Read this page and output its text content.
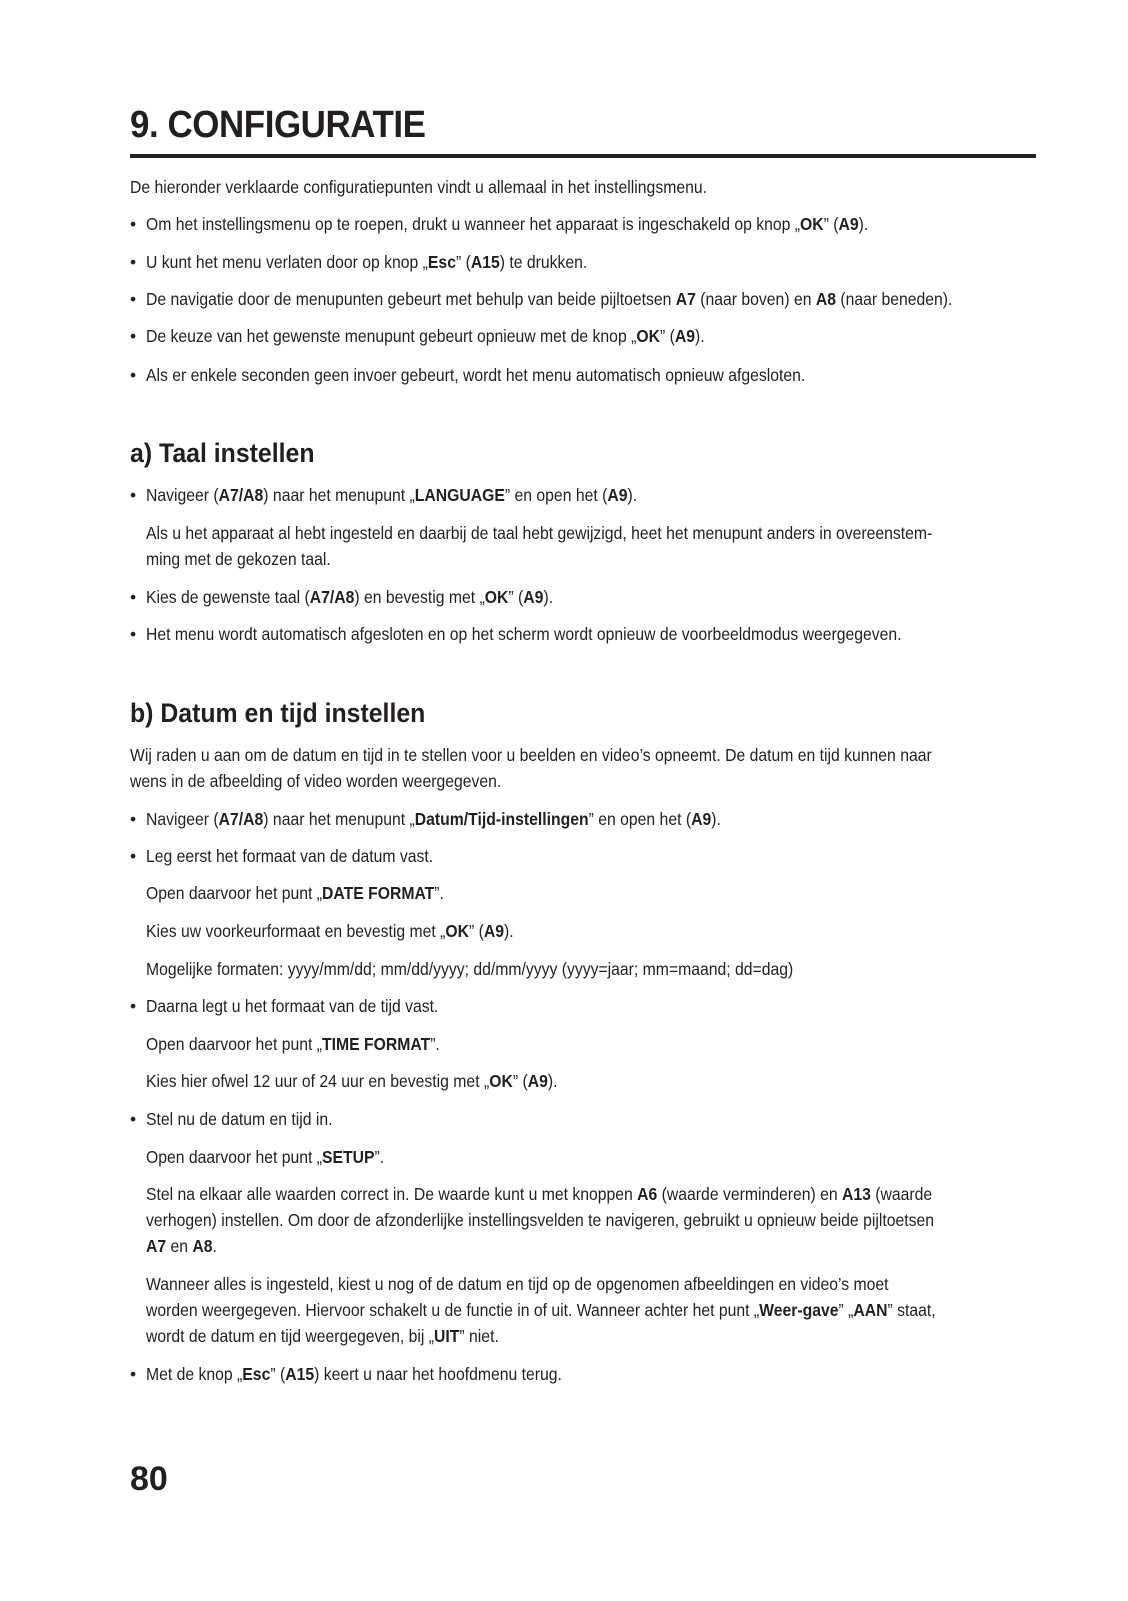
9. CONFIGURATIE

De hieronder verklaarde configuratiepunten vindt u allemaal in het instellingsmenu.

• Om het instellingsmenu op te roepen, drukt u wanneer het apparaat is ingeschakeld op knop „OK” (A9).

• U kunt het menu verlaten door op knop „Esc” (A15) te drukken.

• De navigatie door de menupunten gebeurt met behulp van beide pijltoetsen A7 (naar boven) en A8 (naar beneden).

• De keuze van het gewenste menupunt gebeurt opnieuw met de knop „OK” (A9).

• Als er enkele seconden geen invoer gebeurt, wordt het menu automatisch opnieuw afgesloten.

a) Taal instellen

• Navigeer (A7/A8) naar het menupunt „LANGUAGE” en open het (A9).

Als u het apparaat al hebt ingesteld en daarbij de taal hebt gewijzigd, heet het menupunt anders in overeenstem-

ming met de gekozen taal.

• Kies de gewenste taal (A7/A8) en bevestig met „OK” (A9).

• Het menu wordt automatisch afgesloten en op het scherm wordt opnieuw de voorbeeldmodus weergegeven.

b) Datum en tijd instellen

Wij raden u aan om de datum en tijd in te stellen voor u beelden en video’s opneemt. De datum en tijd kunnen naar

wens in de afbeelding of video worden weergegeven.

• Navigeer (A7/A8) naar het menupunt „Datum/Tijd-instellingen” en open het (A9).

• Leg eerst het formaat van de datum vast.

Open daarvoor het punt „DATE FORMAT”.

Kies uw voorkeurformaat en bevestig met „OK” (A9).

Mogelijke formaten: yyyy/mm/dd; mm/dd/yyyy; dd/mm/yyyy (yyyy=jaar; mm=maand; dd=dag)

• Daarna legt u het formaat van de tijd vast.

Open daarvoor het punt „TIME FORMAT”.

Kies hier ofwel 12 uur of 24 uur en bevestig met „OK” (A9).

• Stel nu de datum en tijd in.

Open daarvoor het punt „SETUP”.

Stel na elkaar alle waarden correct in. De waarde kunt u met knoppen A6 (waarde verminderen) en A13 (waarde

verhogen) instellen. Om door de afzonderlijke instellingsvelden te navigeren, gebruikt u opnieuw beide pijltoetsen

A7 en A8.

Wanneer alles is ingesteld, kiest u nog of de datum en tijd op de opgenomen afbeeldingen en video’s moet

worden weergegeven. Hiervoor schakelt u de functie in of uit. Wanneer achter het punt „Weer-gave” „AAN” staat,

wordt de datum en tijd weergegeven, bij „UIT” niet.

• Met de knop „Esc” (A15) keert u naar het hoofdmenu terug.

80
